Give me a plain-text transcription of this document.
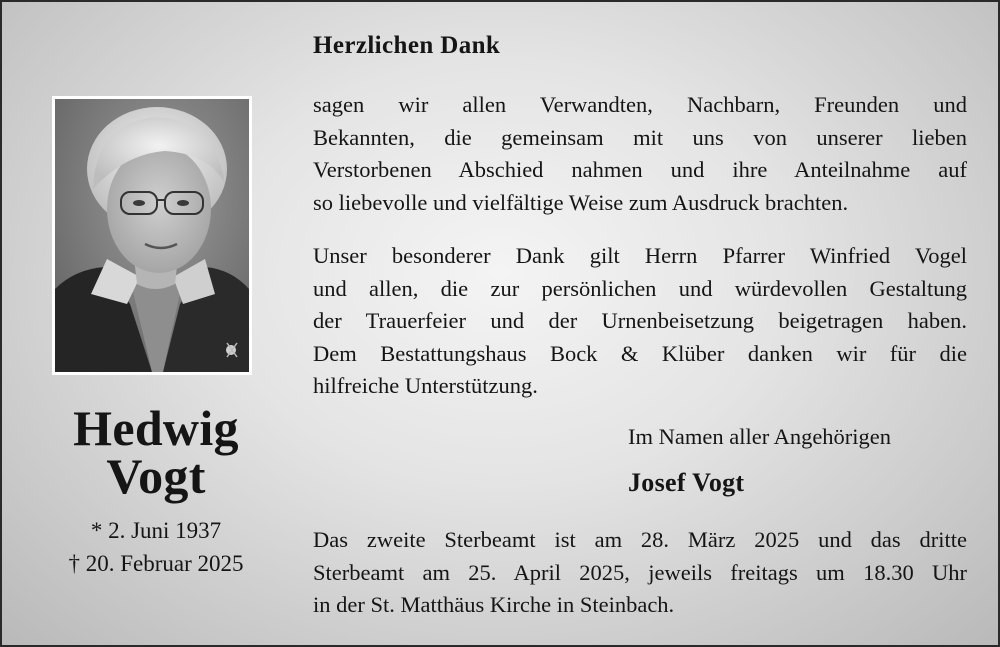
Hedwig
Vogt
* 2. Juni 1937
† 20. Februar 2025
Herzlichen Dank
sagen wir allen Verwandten, Nachbarn, Freunden und
Bekannten, die gemeinsam mit uns von unserer lieben
Verstorbenen Abschied nahmen und ihre Anteilnahme auf
so liebevolle und vielfältige Weise zum Ausdruck brachten.
Unser besonderer Dank gilt Herrn Pfarrer Winfried Vogel
und allen, die zur persönlichen und würdevollen Gestaltung
der Trauerfeier und der Urnenbeisetzung beigetragen haben.
Dem Bestattungshaus Bock & Klüber danken wir für die
hilfreiche Unterstützung.
Im Namen aller Angehörigen
Josef Vogt
Das zweite Sterbeamt ist am 28. März 2025 und das dritte
Sterbeamt am 25. April 2025, jeweils freitags um 18.30 Uhr
in der St. Matthäus Kirche in Steinbach.
